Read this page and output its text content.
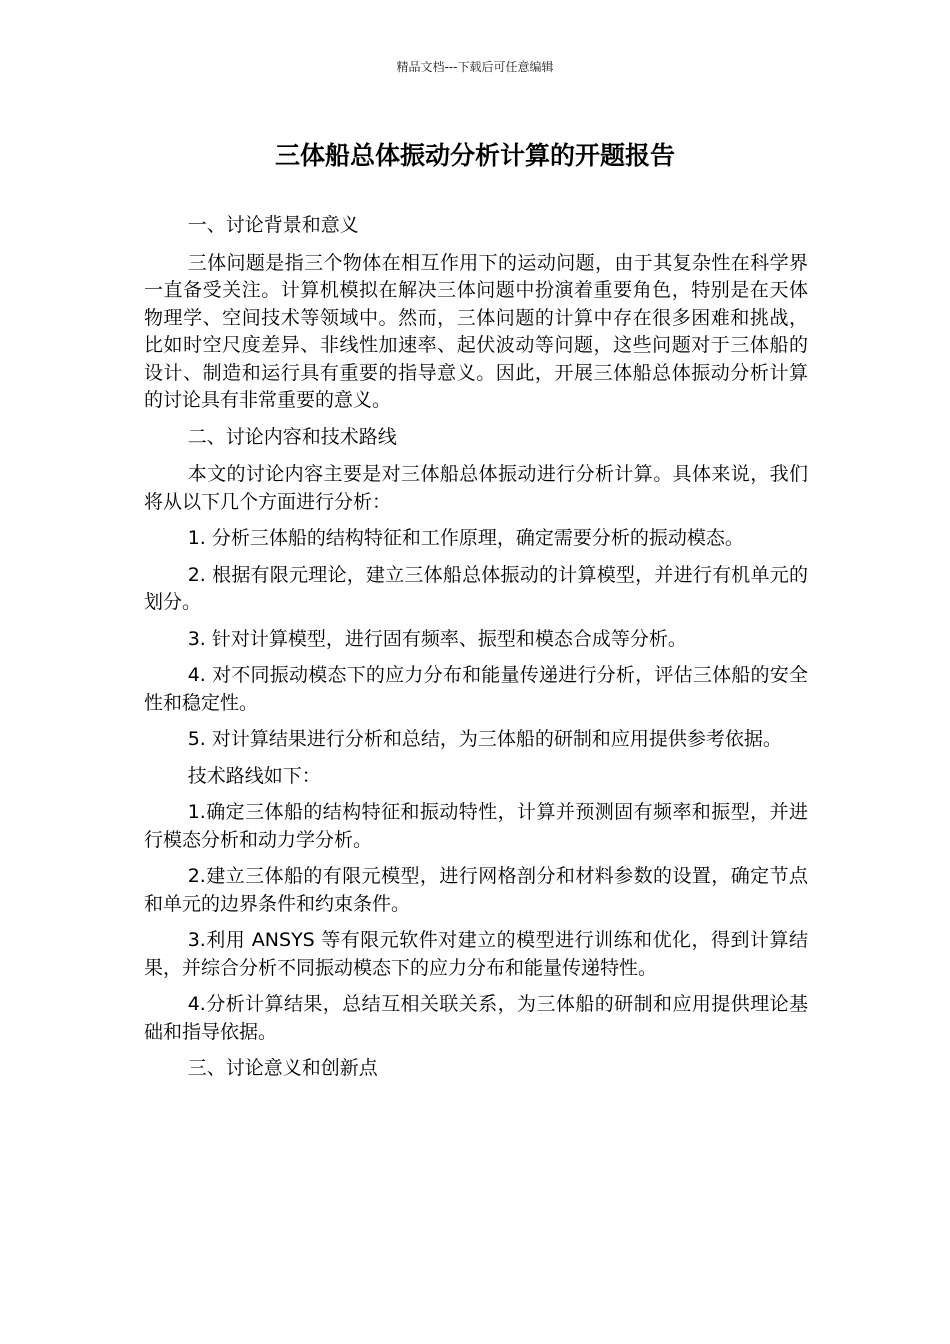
精品文档---下载后可任意编辑
三体船总体振动分析计算的开题报告

一、讨论背景和意义

三体问题是指三个物体在相互作用下的运动问题，由于其复杂性在科学界一直备受关注。计算机模拟在解决三体问题中扮演着重要角色，特别是在天体物理学、空间技术等领域中。然而，三体问题的计算中存在很多困难和挑战，比如时空尺度差异、非线性加速率、起伏波动等问题，这些问题对于三体船的设计、制造和运行具有重要的指导意义。因此，开展三体船总体振动分析计算的讨论具有非常重要的意义。

二、讨论内容和技术路线

本文的讨论内容主要是对三体船总体振动进行分析计算。具体来说，我们将从以下几个方面进行分析：

1. 分析三体船的结构特征和工作原理，确定需要分析的振动模态。

2. 根据有限元理论，建立三体船总体振动的计算模型，并进行有机单元的划分。

3. 针对计算模型，进行固有频率、振型和模态合成等分析。

4. 对不同振动模态下的应力分布和能量传递进行分析，评估三体船的安全性和稳定性。

5. 对计算结果进行分析和总结，为三体船的研制和应用提供参考依据。

技术路线如下：

1.确定三体船的结构特征和振动特性，计算并预测固有频率和振型，并进行模态分析和动力学分析。

2.建立三体船的有限元模型，进行网格剖分和材料参数的设置，确定节点和单元的边界条件和约束条件。

3.利用 ANSYS 等有限元软件对建立的模型进行训练和优化，得到计算结果，并综合分析不同振动模态下的应力分布和能量传递特性。

4.分析计算结果，总结互相关联关系，为三体船的研制和应用提供理论基础和指导依据。

三、讨论意义和创新点
